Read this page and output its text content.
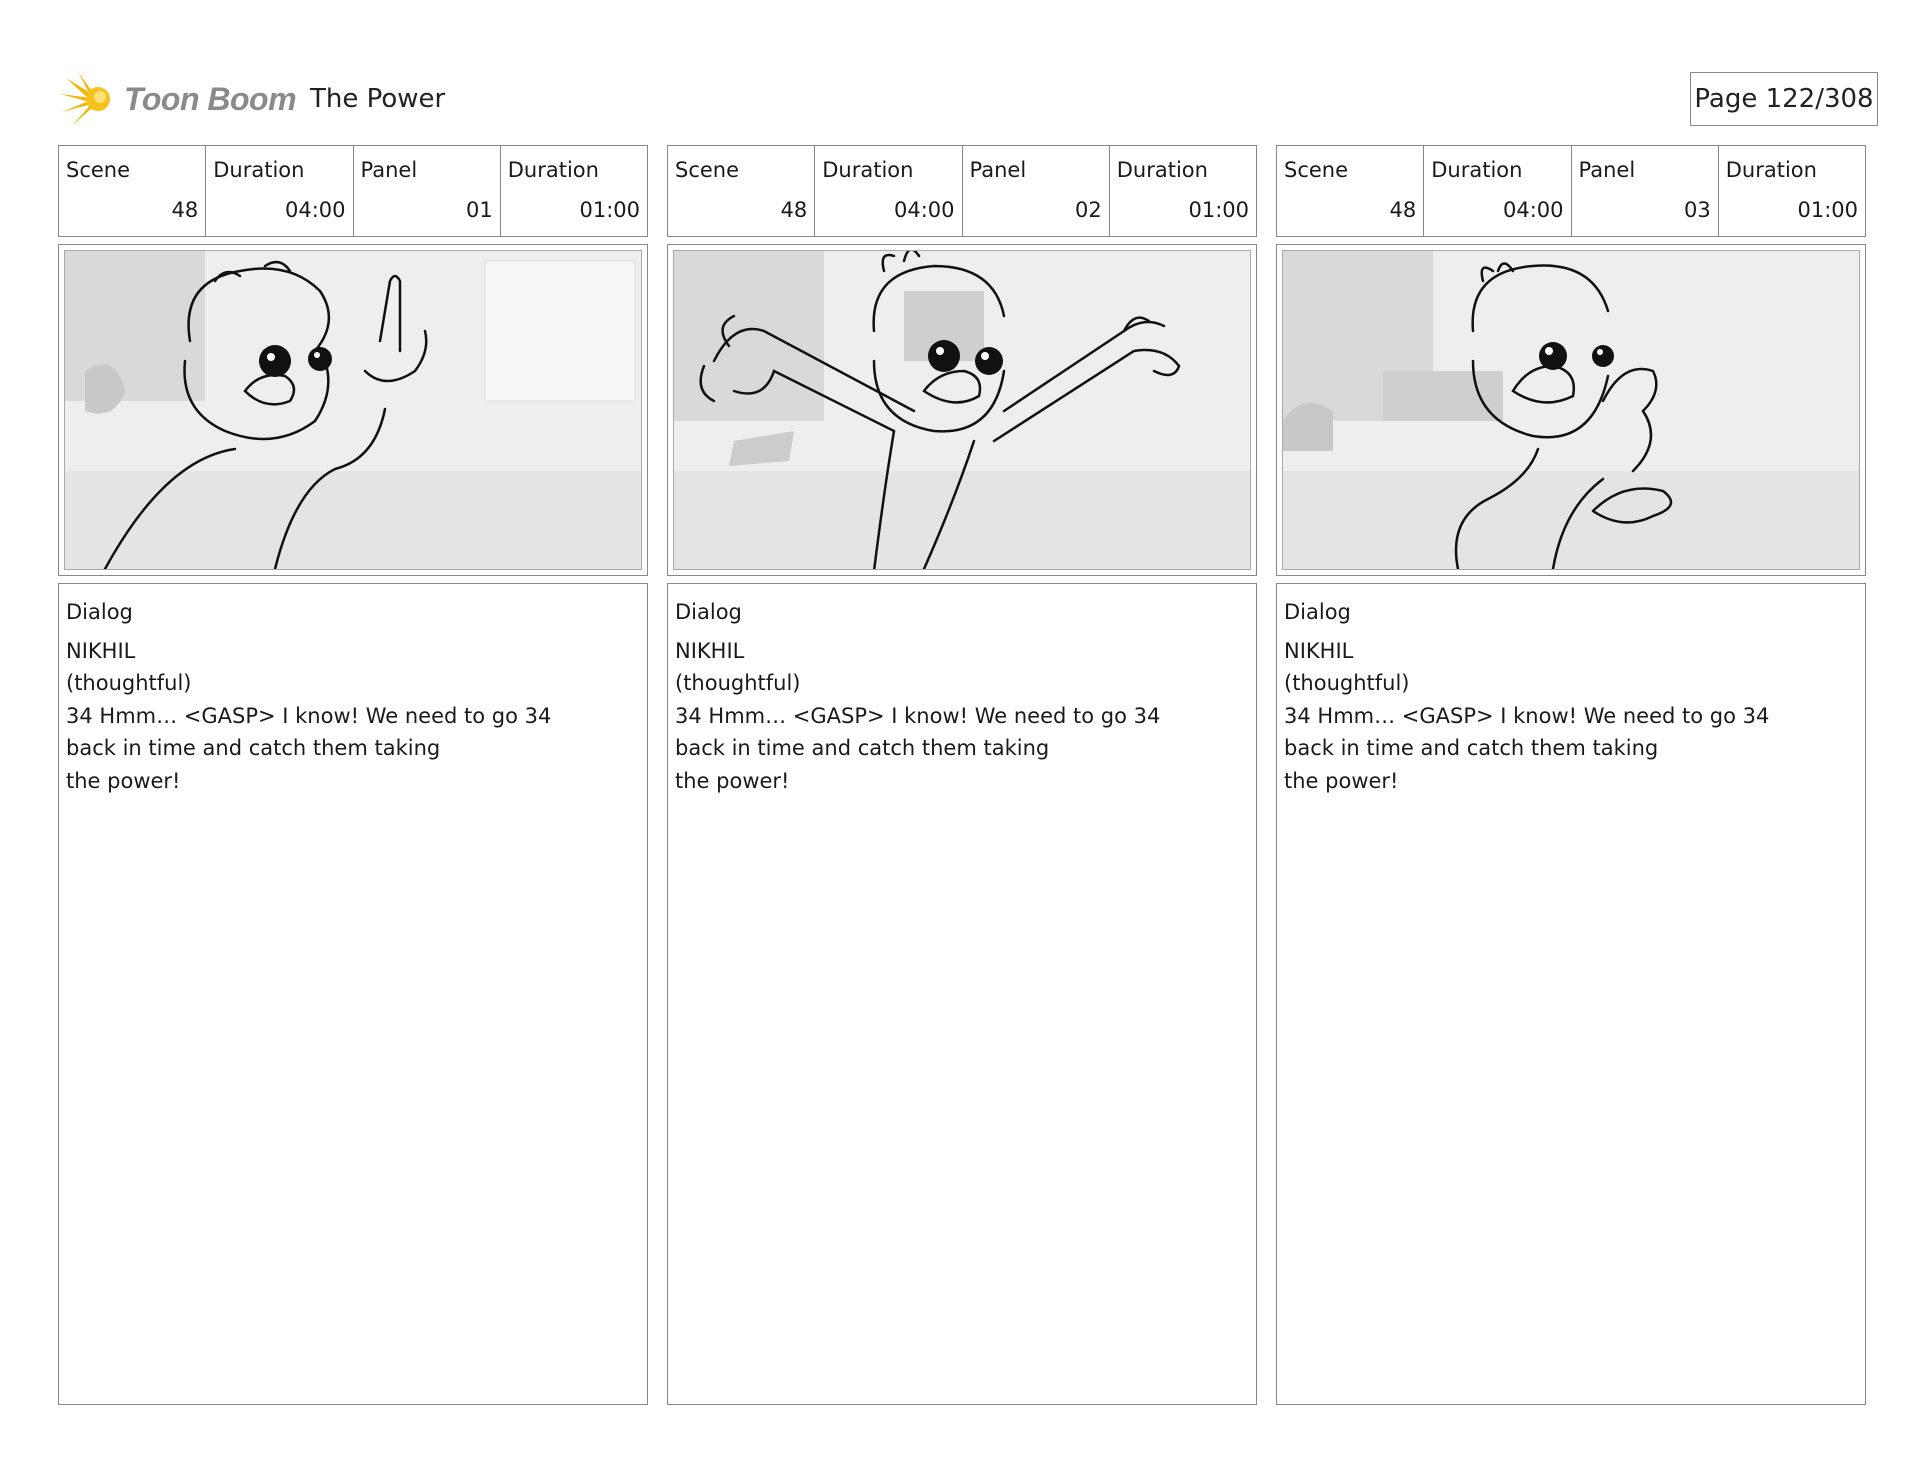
Toon Boom The Power	Page 122/308
Scene
48
Duration
04:00
Panel
01
Duration
01:00
Dialog
NIKHIL
(thoughtful)
34 Hmm… <GASP> I know! We need to go 34
back in time and catch them taking
the power!
Scene
48
Duration
04:00
Panel
02
Duration
01:00
Dialog
NIKHIL
(thoughtful)
34 Hmm… <GASP> I know! We need to go 34
back in time and catch them taking
the power!
Scene
48
Duration
04:00
Panel
03
Duration
01:00
Dialog
NIKHIL
(thoughtful)
34 Hmm… <GASP> I know! We need to go 34
back in time and catch them taking
the power!
